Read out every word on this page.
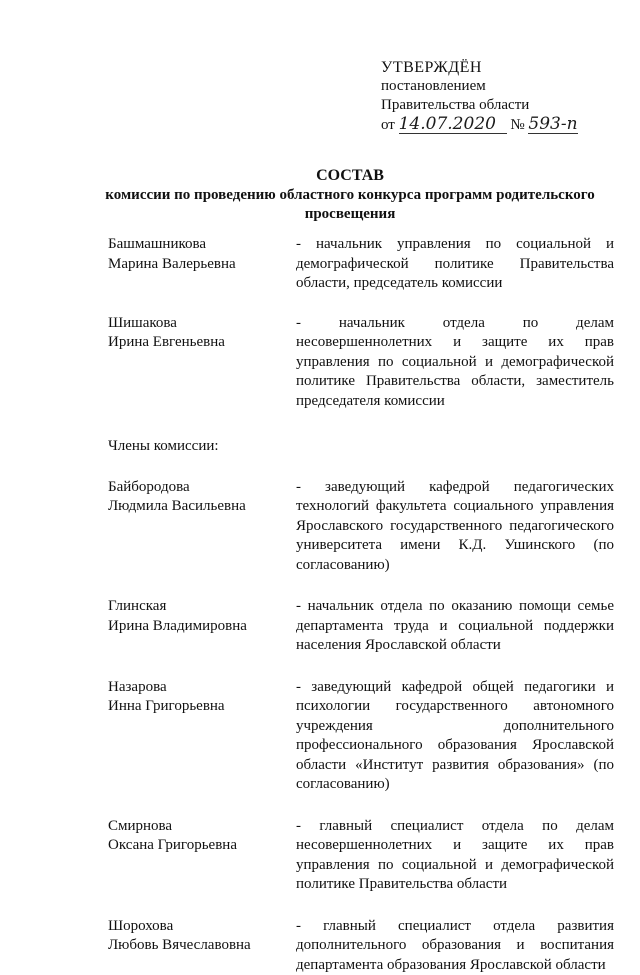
УТВЕРЖДЁН
постановлением
Правительства области
от 14.07.2020 № 593-п
СОСТАВ
комиссии по проведению областного конкурса программ родительского просвещения
Башмашникова
Марина Валерьевна
- начальник управления по социальной и демографической политике Правительства области, председатель комиссии
Шишакова
Ирина Евгеньевна
- начальник отдела по делам несовершеннолетних и защите их прав управления по социальной и демографической политике Правительства области, заместитель председателя комиссии

Члены комиссии:

Байбородова
Людмила Васильевна
- заведующий кафедрой педагогических технологий факультета социального управления Ярославского государственного педагогического университета имени К.Д. Ушинского (по согласованию)
Глинская
Ирина Владимировна
- начальник отдела по оказанию помощи семье департамента труда и социальной поддержки населения Ярославской области
Назарова
Инна Григорьевна
- заведующий кафедрой общей педагогики и психологии государственного автономного учреждения дополнительного профессионального образования Ярославской области «Институт развития образования» (по согласованию)
Смирнова
Оксана Григорьевна
- главный специалист отдела по делам несовершеннолетних и защите их прав управления по социальной и демографической политике Правительства области
Шорохова
Любовь Вячеславовна
- главный специалист отдела развития дополнительного образования и воспитания департамента образования Ярославской области
